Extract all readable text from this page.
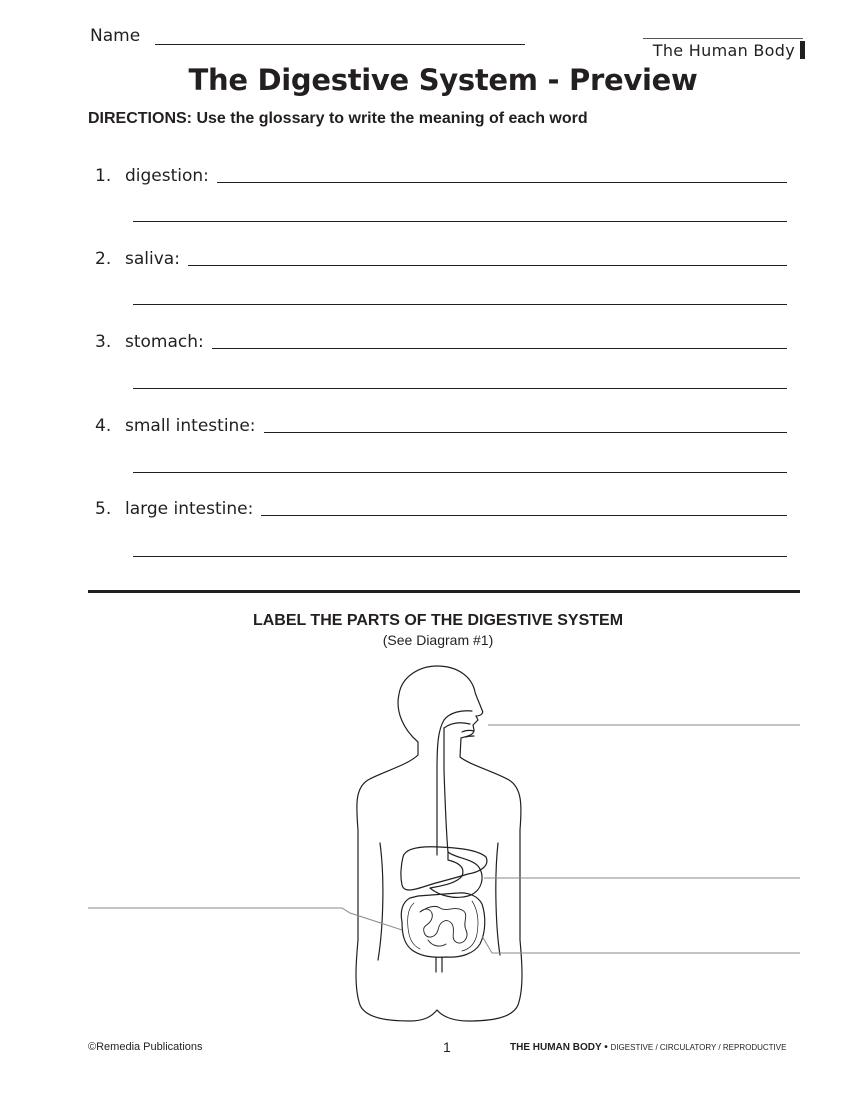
Name
The Human Body
The Digestive System - Preview
DIRECTIONS: Use the glossary to write the meaning of each word
1. digestion:
2. saliva:
3. stomach:
4. small intestine:
5. large intestine:
LABEL THE PARTS OF THE DIGESTIVE SYSTEM
(See Diagram #1)
©Remedia Publications	1	THE HUMAN BODY • DIGESTIVE / CIRCULATORY / REPRODUCTIVE
